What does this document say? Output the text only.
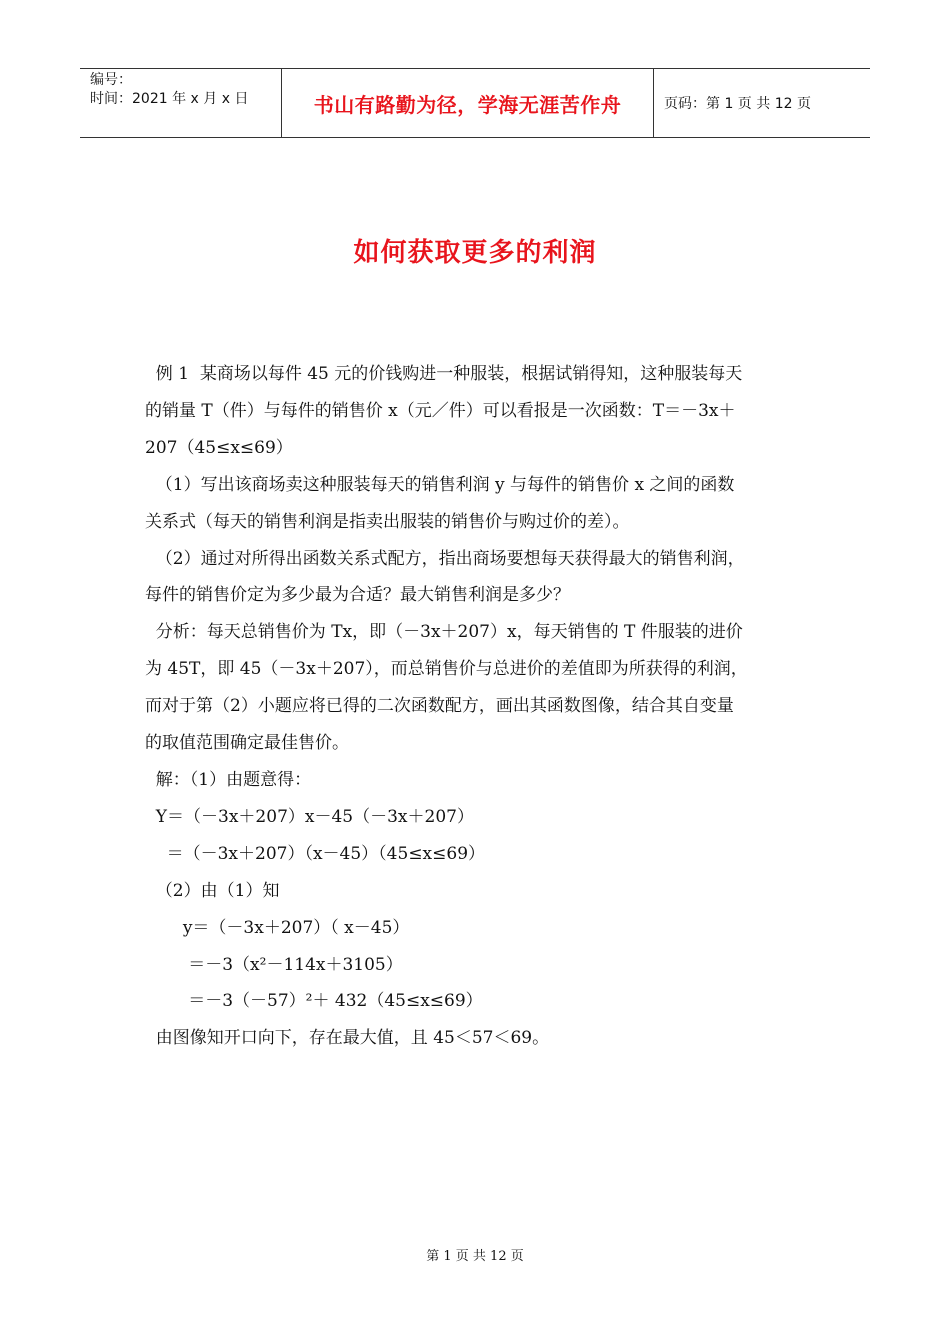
编号：
时间：2021 年 x 月 x 日	书山有路勤为径，学海无涯苦作舟	页码：第 1 页 共 12 页
如何获取更多的利润

例 1  某商场以每件 45 元的价钱购进一种服装，根据试销得知，这种服装每天

的销量 T（件）与每件的销售价 x（元／件）可以看报是一次函数：T＝－3x＋

207（45≤x≤69）

（1）写出该商场卖这种服装每天的销售利润 y 与每件的销售价 x 之间的函数

关系式（每天的销售利润是指卖出服装的销售价与购过价的差）。

（2）通过对所得出函数关系式配方，指出商场要想每天获得最大的销售利润，

每件的销售价定为多少最为合适？最大销售利润是多少？

分析：每天总销售价为 Tx，即（－3x＋207）x，每天销售的 T 件服装的进价

为 45T，即 45（－3x＋207），而总销售价与总进价的差值即为所获得的利润，

而对于第（2）小题应将已得的二次函数配方，画出其函数图像，结合其自变量

的取值范围确定最佳售价。

解：（1）由题意得：

Y＝（－3x＋207）x－45（－3x＋207）

＝（－3x＋207）（x－45）（45≤x≤69）

（2）由（1）知

y＝（－3x＋207）（ x－45）

＝－3（x²－114x＋3105）

＝－3（－57）²＋ 432（45≤x≤69）

由图像知开口向下，存在最大值，且 45＜57＜69。

第 1 页 共 12 页
